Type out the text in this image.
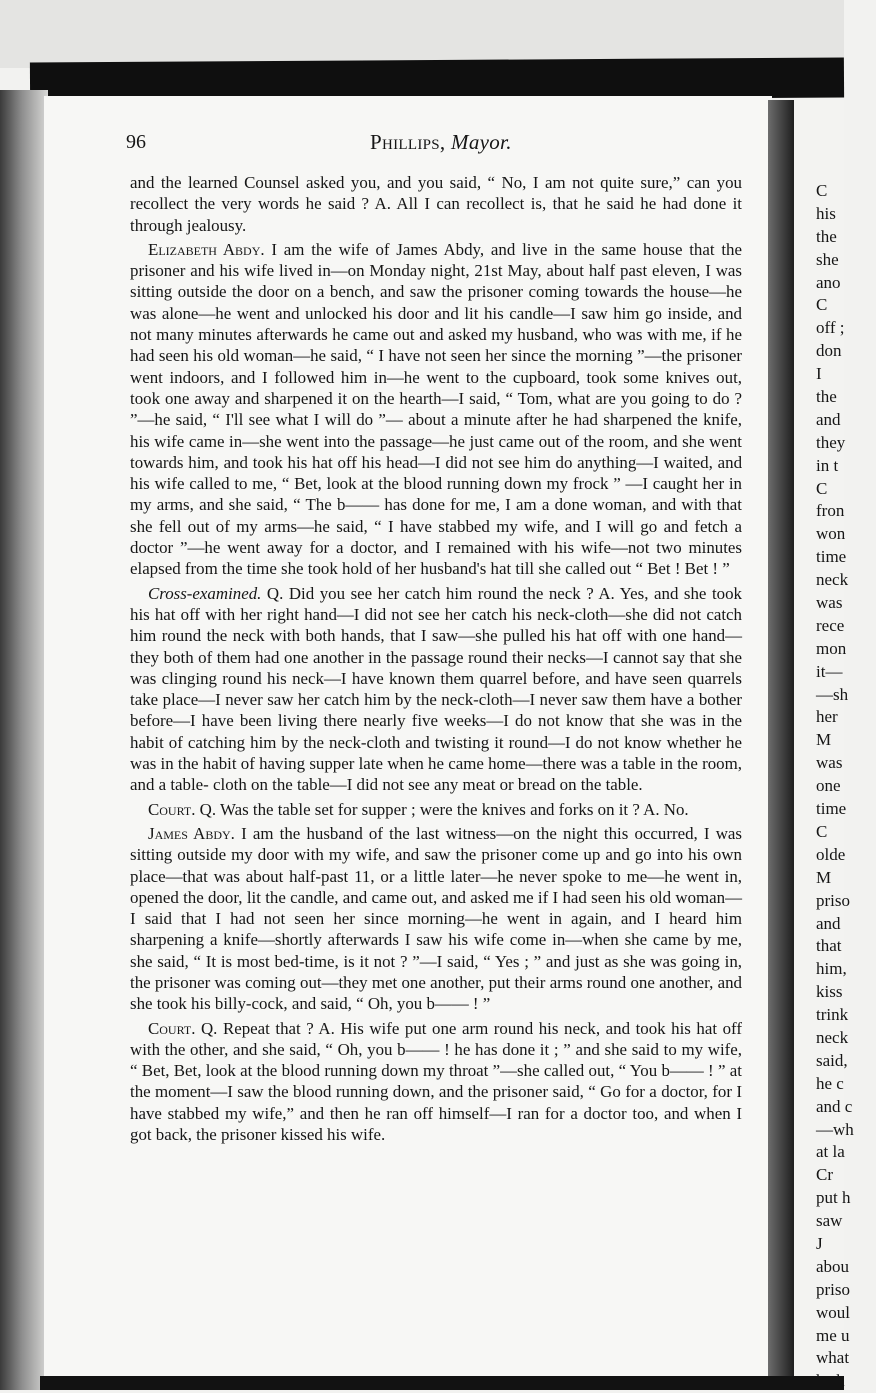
C
his
the
she
ano
C
off ;
don
I
the
and
they
in t
C
fron
won
time
neck
was
rece
mon
it—
—sh
her
M
was
one
time
C
olde
M
priso
and
that
him,
kiss
trink
neck
said,
he c
and c
—wh
at la
Cr
put h
saw
J
abou
priso
woul
me u
what
96	Phillips, Mayor.

and the learned Counsel asked you, and you said, “ No, I am not quite sure,” can you recollect the very words he said ? A. All I can recollect is, that he said he had done it through jealousy.

Elizabeth Abdy. I am the wife of James Abdy, and live in the same house that the prisoner and his wife lived in—on Monday night, 21st May, about half past eleven, I was sitting outside the door on a bench, and saw the prisoner coming towards the house—he was alone—he went and unlocked his door and lit his candle—I saw him go inside, and not many minutes afterwards he came out and asked my husband, who was with me, if he had seen his old woman—he said, “ I have not seen her since the morning ”—the prisoner went indoors, and I followed him in—he went to the cupboard, took some knives out, took one away and sharpened it on the hearth—I said, “ Tom, what are you going to do ? ”—he said, “ I'll see what I will do ”— about a minute after he had sharpened the knife, his wife came in—she went into the passage—he just came out of the room, and she went towards him, and took his hat off his head—I did not see him do anything—I waited, and his wife called to me, “ Bet, look at the blood running down my frock ” —I caught her in my arms, and she said, “ The b—— has done for me, I am a done woman, and with that she fell out of my arms—he said, “ I have stabbed my wife, and I will go and fetch a doctor ”—he went away for a doctor, and I remained with his wife—not two minutes elapsed from the time she took hold of her husband's hat till she called out “ Bet ! Bet ! ”

Cross-examined. Q. Did you see her catch him round the neck ? A. Yes, and she took his hat off with her right hand—I did not see her catch his neck-cloth—she did not catch him round the neck with both hands, that I saw—she pulled his hat off with one hand—they both of them had one another in the passage round their necks—I cannot say that she was clinging round his neck—I have known them quarrel before, and have seen quarrels take place—I never saw her catch him by the neck-cloth—I never saw them have a bother before—I have been living there nearly five weeks—I do not know that she was in the habit of catching him by the neck-cloth and twisting it round—I do not know whether he was in the habit of having supper late when he came home—there was a table in the room, and a table- cloth on the table—I did not see any meat or bread on the table.

Court. Q. Was the table set for supper ; were the knives and forks on it ? A. No.

James Abdy. I am the husband of the last witness—on the night this occurred, I was sitting outside my door with my wife, and saw the prisoner come up and go into his own place—that was about half-past 11, or a little later—he never spoke to me—he went in, opened the door, lit the candle, and came out, and asked me if I had seen his old woman—I said that I had not seen her since morning—he went in again, and I heard him sharpening a knife—shortly afterwards I saw his wife come in—when she came by me, she said, “ It is most bed-time, is it not ? ”—I said, “ Yes ; ” and just as she was going in, the prisoner was coming out—they met one another, put their arms round one another, and she took his billy-cock, and said, “ Oh, you b—— ! ”

Court. Q. Repeat that ? A. His wife put one arm round his neck, and took his hat off with the other, and she said, “ Oh, you b—— ! he has done it ; ” and she said to my wife, “ Bet, Bet, look at the blood running down my throat ”—she called out, “ You b—— ! ” at the moment—I saw the blood running down, and the prisoner said, “ Go for a doctor, for I have stabbed my wife,” and then he ran off himself—I ran for a doctor too, and when I got back, the prisoner kissed his wife.
